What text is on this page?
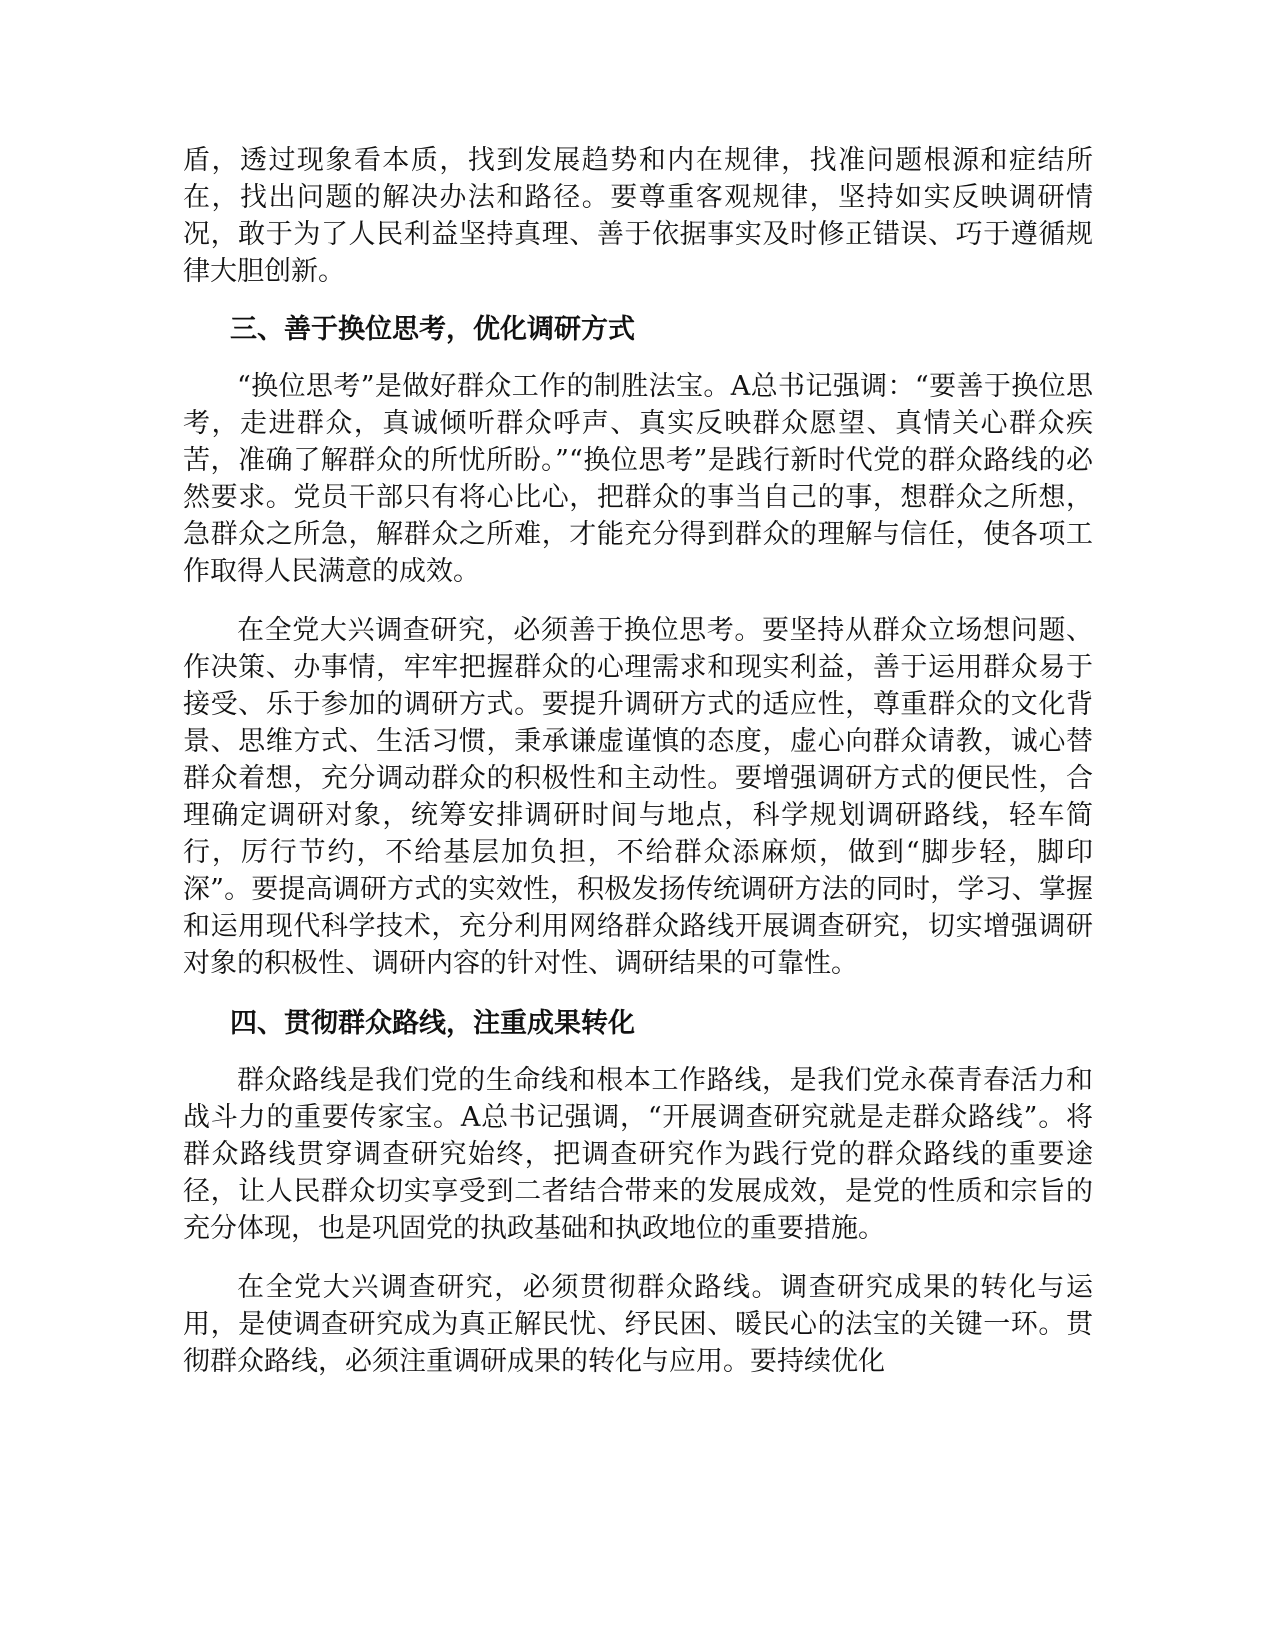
盾，透过现象看本质，找到发展趋势和内在规律，找准问题根源和症结所在，找出问题的解决办法和路径。要尊重客观规律，坚持如实反映调研情况，敢于为了人民利益坚持真理、善于依据事实及时修正错误、巧于遵循规律大胆创新。

三、善于换位思考，优化调研方式

“换位思考”是做好群众工作的制胜法宝。A总书记强调：“要善于换位思考，走进群众，真诚倾听群众呼声、真实反映群众愿望、真情关心群众疾苦，准确了解群众的所忧所盼。”“换位思考”是践行新时代党的群众路线的必然要求。党员干部只有将心比心，把群众的事当自己的事，想群众之所想，急群众之所急，解群众之所难，才能充分得到群众的理解与信任，使各项工作取得人民满意的成效。

在全党大兴调查研究，必须善于换位思考。要坚持从群众立场想问题、作决策、办事情，牢牢把握群众的心理需求和现实利益，善于运用群众易于接受、乐于参加的调研方式。要提升调研方式的适应性，尊重群众的文化背景、思维方式、生活习惯，秉承谦虚谨慎的态度，虚心向群众请教，诚心替群众着想，充分调动群众的积极性和主动性。要增强调研方式的便民性，合理确定调研对象，统筹安排调研时间与地点，科学规划调研路线，轻车简行，厉行节约，不给基层加负担，不给群众添麻烦，做到“脚步轻，脚印深”。要提高调研方式的实效性，积极发扬传统调研方法的同时，学习、掌握和运用现代科学技术，充分利用网络群众路线开展调查研究，切实增强调研对象的积极性、调研内容的针对性、调研结果的可靠性。

四、贯彻群众路线，注重成果转化

群众路线是我们党的生命线和根本工作路线，是我们党永葆青春活力和战斗力的重要传家宝。A总书记强调，“开展调查研究就是走群众路线”。将群众路线贯穿调查研究始终，把调查研究作为践行党的群众路线的重要途径，让人民群众切实享受到二者结合带来的发展成效，是党的性质和宗旨的充分体现，也是巩固党的执政基础和执政地位的重要措施。

在全党大兴调查研究，必须贯彻群众路线。调查研究成果的转化与运用，是使调查研究成为真正解民忧、纾民困、暖民心的法宝的关键一环。贯彻群众路线，必须注重调研成果的转化与应用。要持续优化
